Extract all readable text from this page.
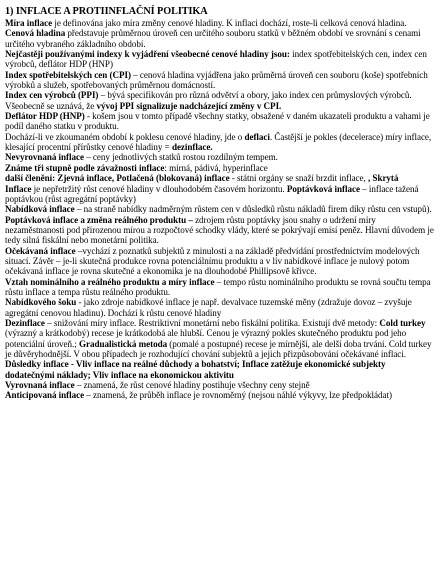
1) INFLACE A PROTIINFLAČNÍ POLITIKA

Míra inflace je definována jako míra změny cenové hladiny. K inflaci dochází, roste-li celková cenová hladina. Cenová hladina představuje průměrnou úroveň cen určitého souboru statků v běžném období ve srovnání s cenami určitého vybraného základního období.

Nejčastěji používanými indexy k vyjádření všeobecné cenové hladiny jsou: index spotřebitelských cen, index cen výrobců, deflátor HDP (HNP)

Index spotřebitelských cen (CPI) – cenová hladina vyjádřena jako průměrná úroveň cen souboru (koše) spotřebních výrobků a služeb, spotřebovaných průměrnou domácností.

Index cen výrobců (PPI) – bývá specifikován pro různá odvětví a obory, jako index cen průmyslových výrobců. Všeobecně se uznává, že vývoj PPI signalizuje nadcházející změny v CPI.

Deflátor HDP (HNP) - košem jsou v tomto případě všechny statky, obsažené v daném ukazateli produktu a vahami je podíl daného statku v produktu.

Dochází-li ve zkoumaném období k poklesu cenové hladiny, jde o deflaci. Častější je pokles (decelerace) míry inflace, klesající procentní přírůstky cenové hladiny = dezinflace.

Nevyrovnaná inflace – ceny jednotlivých statků rostou rozdílným tempem.

Známe tři stupně podle závažnosti inflace: mírná, pádivá, hyperinflace

další členění: Zjevná inflace, Potlačená (blokovaná) inflace - státní orgány se snaží brzdit inflace, , Skrytá

Inflace je nepřetržitý růst cenové hladiny v dlouhodobém časovém horizontu. Poptávková inflace – inflace tažená poptávkou (růst agregátní poptávky)

Nabídková inflace – na straně nabídky nadměrným růstem cen v důsledků růstu nákladů firem díky růstu cen vstupů).

Poptávková inflace a změna reálného produktu – zdrojem růstu poptávky jsou snahy o udržení míry nezaměstnanosti pod přirozenou mírou a rozpočtové schodky vlády, které se pokrývají emisí peněz. Hlavní důvodem je tedy silná fiskální nebo monetární politika.

Očekávaná inflace –vychází z poznatků subjektů z minulosti a na základě předvídání prostředníctvím modelových situací. Závěr – je-li skutečná produkce rovna potenciálnímu produktu a v liv nabídkové inflace je nulový potom očekávaná inflace je rovna skutečné a ekonomika je na dlouhodobé Phillipsově křivce.

Vztah nominálního a reálného produktu a míry inflace – tempo růstu nominálního produktu se rovná součtu tempa růstu inflace a tempa růstu reálného produktu.

Nabídkového šoku - jako zdroje nabídkové inflace je např. devalvace tuzemské měny (zdražuje dovoz – zvyšuje agregátní cenovou hladinu). Dochází k růstu cenové hladiny

Dezinflace – snižování míry inflace. Restriktivní monetární nebo fiskální politika. Existují dvě metody: Cold turkey (výrazný a krátkodobý) recese je krátkodobá ale hlubší. Cenou je výrazný pokles skutečného produktu pod jeho potenciální úroveň.; Gradualistická metoda (pomalé a postupné) recese je mírnější, ale delší doba trvání. Cold turkey je důvěryhodnější. V obou případech je rozhodující chování subjektů a jejich přizpůsobování očekávané inflaci.

Důsledky inflace - Vliv inflace na reálné důchody a bohatství; Inflace zatěžuje ekonomické subjekty dodatečnými náklady; Vliv inflace na ekonomickou aktivitu

Vyrovnaná inflace – znamená, že růst cenové hladiny postihuje všechny ceny stejně

Anticipovaná inflace – znamená, že průběh inflace je rovnoměrný (nejsou náhlé výkyvy, lze předpokládat)
